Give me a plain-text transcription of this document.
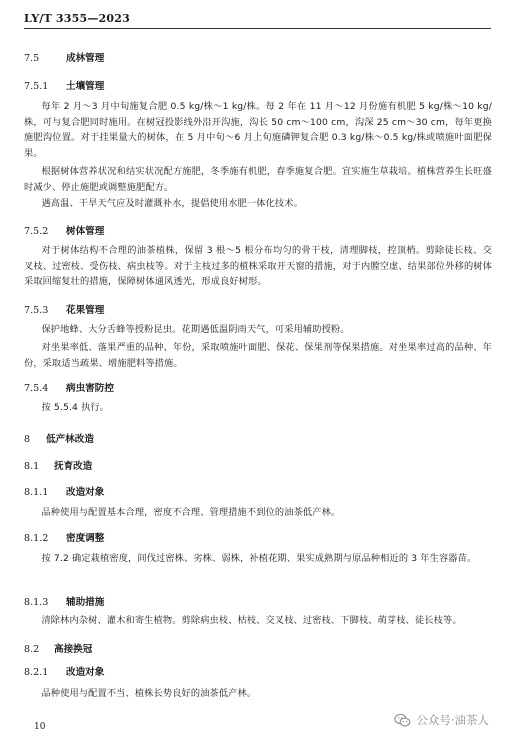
LY/T 3355—2023
7.5	成林管理
7.5.1 土壤管理
每年 2 月～3 月中旬施复合肥 0.5 kg/株～1 kg/株。每 2 年在 11 月～12 月份施有机肥 5 kg/株～10 kg/株，可与复合肥同时施用。在树冠投影线外沿开沟施，沟长 50 cm～100 cm，沟深 25 cm～30 cm，每年更换施肥沟位置。对于挂果量大的树体，在 5 月中旬～6 月上旬施磷钾复合肥 0.3 kg/株～0.5 kg/株或喷施叶面肥保果。
根据树体营养状况和结实状况配方施肥，冬季施有机肥，春季施复合肥。宜实施生草栽培。植株营养生长旺盛时减少、停止施肥或调整施肥配方。
遇高温、干旱天气应及时灌溉补水，提倡使用水肥一体化技术。
7.5.2 树体管理
对于树体结构不合理的油茶植株，保留 3 根～5 根分布均匀的骨干枝，清理脚枝，控顶梢。剪除徒长枝、交叉枝、过密枝、受伤枝、病虫枝等。对于主枝过多的植株采取开天窗的措施，对于内膛空虚、结果部位外移的树体采取回缩复壮的措施，保障树体通风透光，形成良好树形。
7.5.3 花果管理
保护地蜂、大分舌蜂等授粉昆虫。花期遇低温阴雨天气，可采用辅助授粉。
对坐果率低、落果严重的品种、年份，采取喷施叶面肥、保花、保果剂等保果措施。对坐果率过高的品种、年份，采取适当疏果、增施肥料等措施。
7.5.4 病虫害防控
按 5.5.4 执行。
8 低产林改造
8.1 抚育改造
8.1.1 改造对象
品种使用与配置基本合理，密度不合理、管理措施不到位的油茶低产林。
8.1.2 密度调整
按 7.2 确定栽植密度，间伐过密株、劣株、弱株，补植花期、果实成熟期与原品种相近的 3 年生容器苗。
8.1.3 辅助措施
清除林内杂树、灌木和寄生植物。剪除病虫枝、枯枝、交叉枝、过密枝、下脚枝、萌芽枝、徒长枝等。
8.2 高接换冠
8.2.1 改造对象
品种使用与配置不当、植株长势良好的油茶低产林。
10	公众号·油茶人
